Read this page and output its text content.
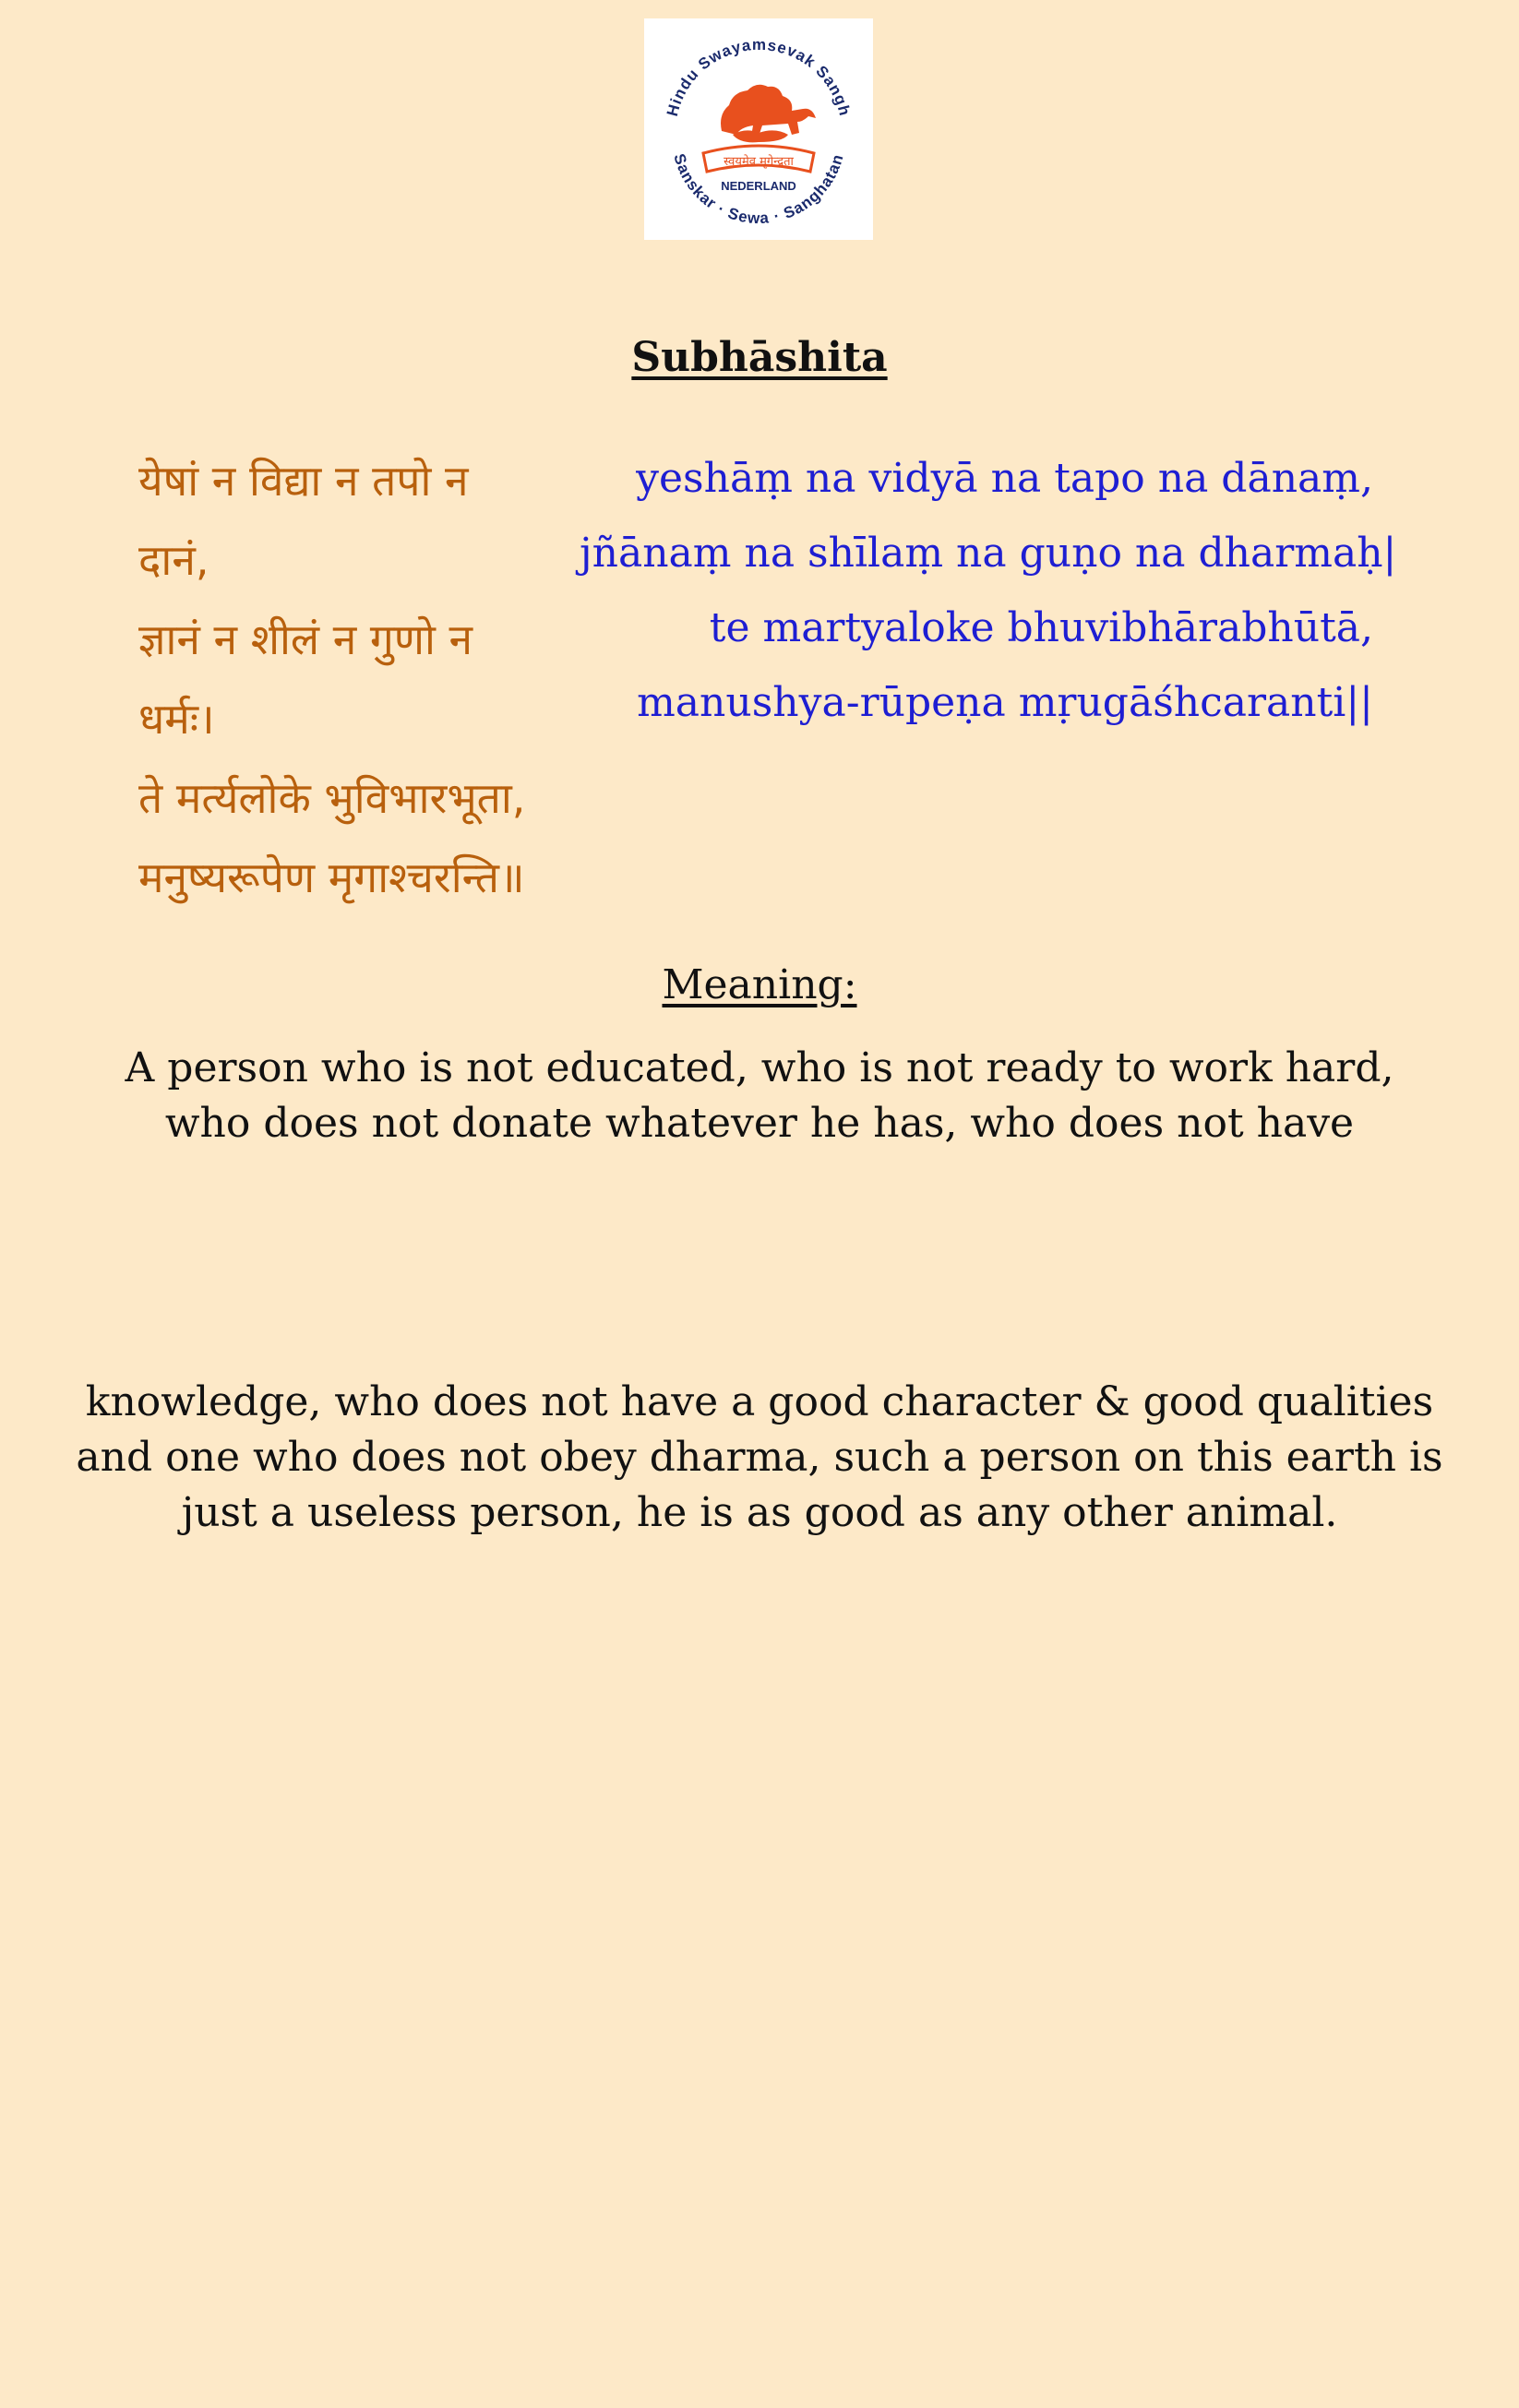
Hindu Swayamsevak Sangh
Sanskar · Sewa · Sanghatan
स्वयमेव मृगेन्द्रता
NEDERLAND
Subhāshita
येषां न विद्या न तपो न
दानं,
ज्ञानं न शीलं न गुणो न
धर्मः।
ते मर्त्यलोके भुविभारभूता,
मनुष्यरूपेण मृगाश्चरन्ति॥
yeshāṃ na vidyā na tapo na dānaṃ,
jñānaṃ na shīlaṃ na guṇo na dharmaḥ|
te martyaloke bhuvibhārabhūtā,
manushya-rūpeṇa mṛugāśhcaranti||
Meaning:
A person who is not educated, who is not ready to work hard,
who does not donate whatever he has, who does not have
knowledge, who does not have a good character & good qualities
and one who does not obey dharma, such a person on this earth is
just a useless person, he is as good as any other animal.
